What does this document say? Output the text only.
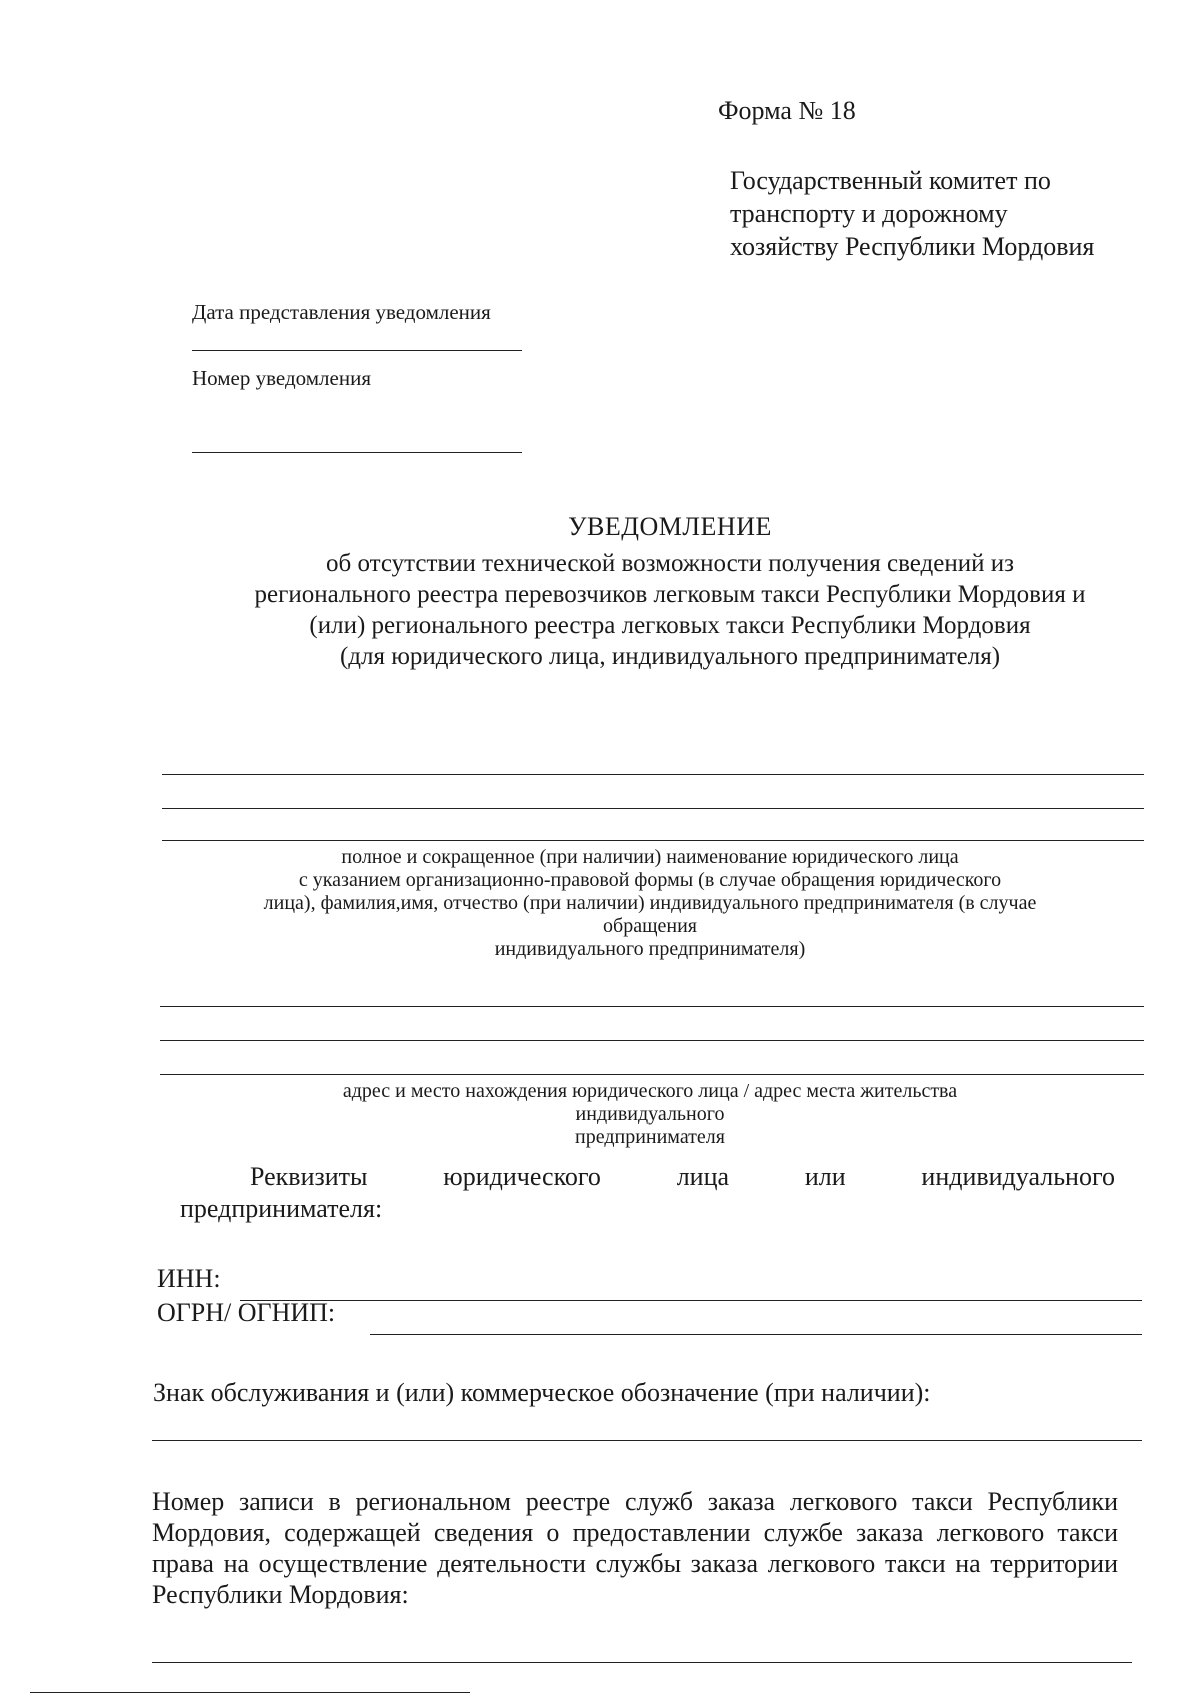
Форма № 18
Государственный комитет по
транспорту и дорожному
хозяйству Республики Мордовия
Дата представления уведомления
Номер уведомления
УВЕДОМЛЕНИЕ
об отсутствии технической возможности получения сведений из
регионального реестра перевозчиков легковым такси Республики Мордовия и
(или) регионального реестра легковых такси Республики Мордовия
(для юридического лица, индивидуального предпринимателя)
полное и сокращенное (при наличии) наименование юридического лица
с указанием организационно-правовой формы (в случае обращения юридического
лица), фамилия,имя, отчество (при наличии) индивидуального предпринимателя (в случае
обращения
индивидуального предпринимателя)
адрес и место нахождения юридического лица / адрес места жительства
индивидуального
предпринимателя
Реквизиты	юридического	лица	или	индивидуального
предпринимателя:
ИНН:
ОГРН/ ОГНИП:
Знак обслуживания и (или) коммерческое обозначение (при наличии):
Номер записи в региональном реестре служб заказа легкового такси Республики Мордовия, содержащей сведения о предоставлении службе заказа легкового такси права на осуществление деятельности службы заказа легкового такси на территории Республики Мордовия:
